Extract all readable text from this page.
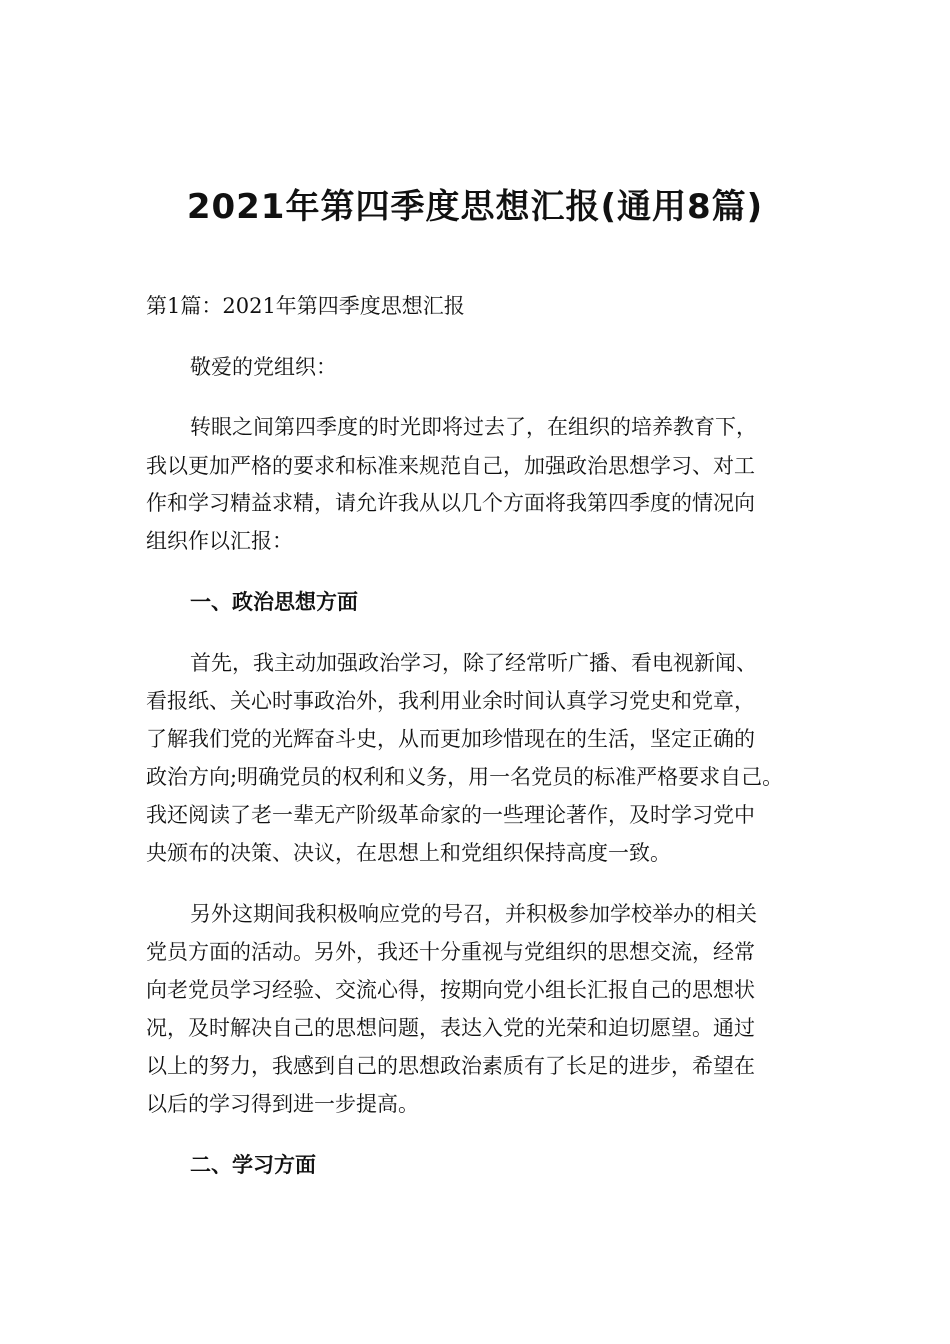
2021年第四季度思想汇报(通用8篇)
第1篇：2021年第四季度思想汇报
敬爱的党组织：
转眼之间第四季度的时光即将过去了，在组织的培养教育下，
我以更加严格的要求和标准来规范自己，加强政治思想学习、对工
作和学习精益求精，请允许我从以几个方面将我第四季度的情况向
组织作以汇报：
一、政治思想方面
首先，我主动加强政治学习，除了经常听广播、看电视新闻、
看报纸、关心时事政治外，我利用业余时间认真学习党史和党章，
了解我们党的光辉奋斗史，从而更加珍惜现在的生活，坚定正确的
政治方向;明确党员的权利和义务，用一名党员的标准严格要求自己。
我还阅读了老一辈无产阶级革命家的一些理论著作，及时学习党中
央颁布的决策、决议，在思想上和党组织保持高度一致。
另外这期间我积极响应党的号召，并积极参加学校举办的相关
党员方面的活动。另外，我还十分重视与党组织的思想交流，经常
向老党员学习经验、交流心得，按期向党小组长汇报自己的思想状
况，及时解决自己的思想问题，表达入党的光荣和迫切愿望。通过
以上的努力，我感到自己的思想政治素质有了长足的进步，希望在
以后的学习得到进一步提高。
二、学习方面
